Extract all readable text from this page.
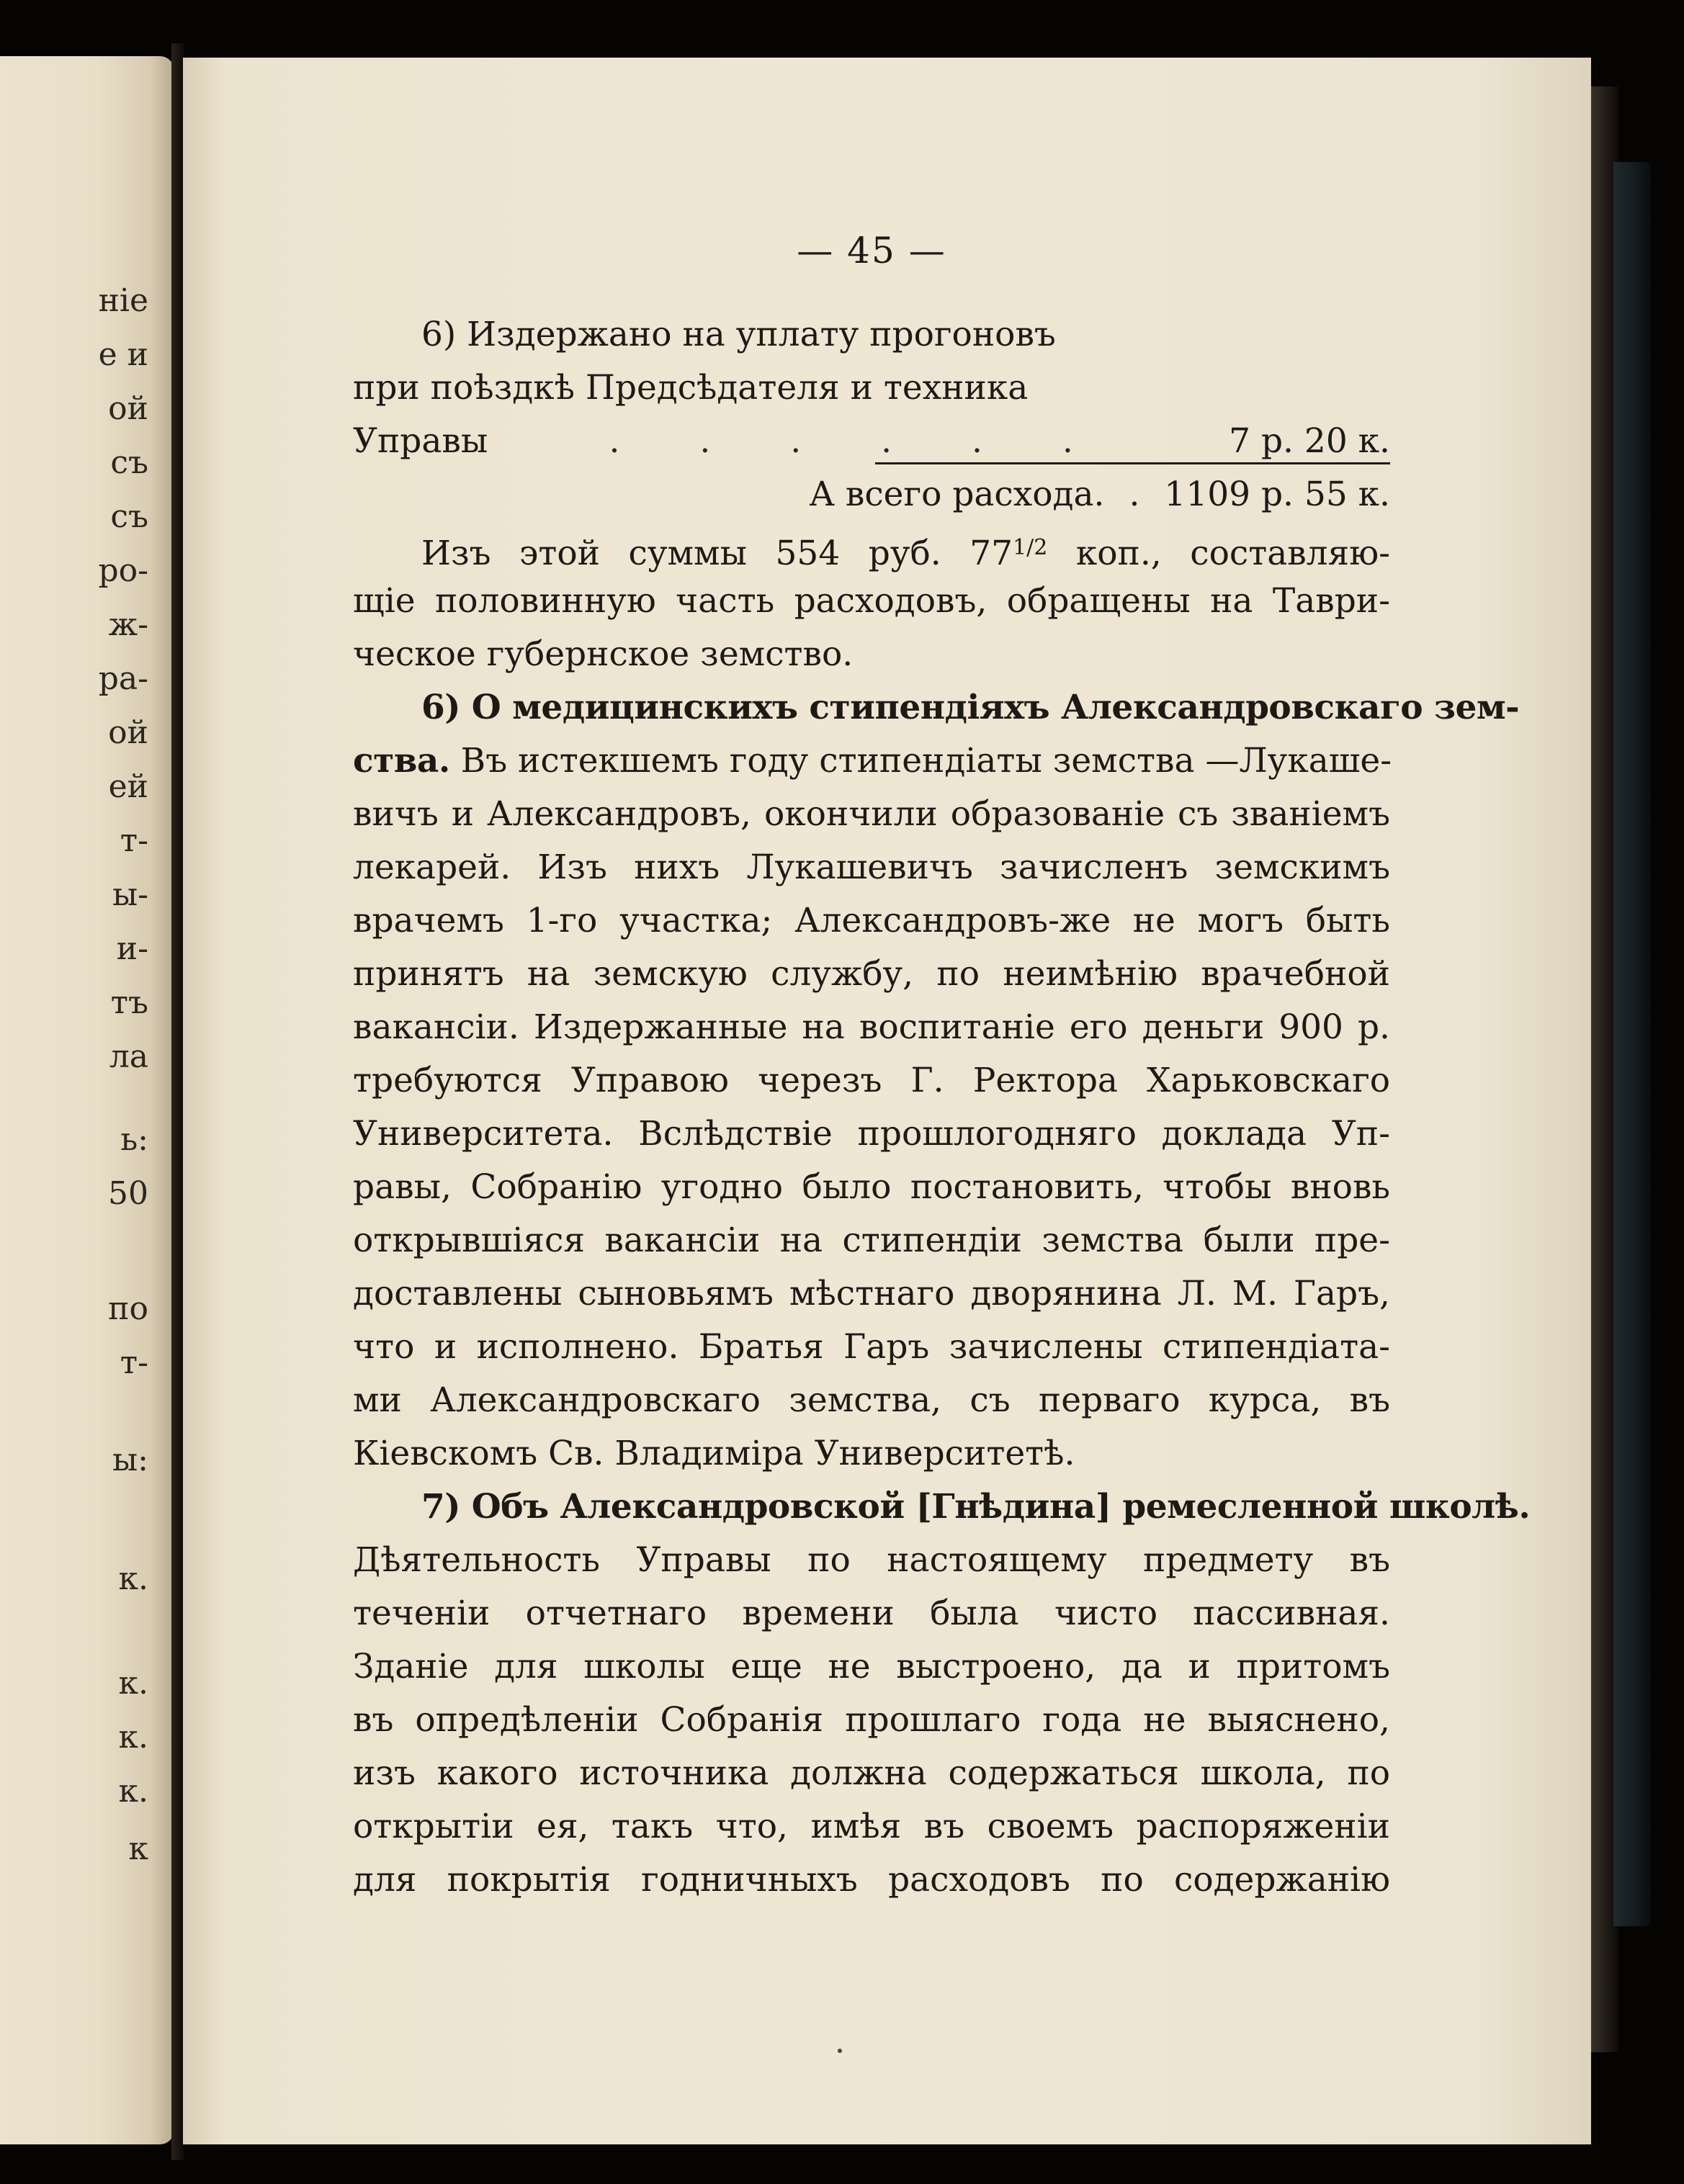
ніе
е и
ой
съ
съ
ро-
ж-
ра-
ой
ей
т-
ы-
и-
тъ
ла
ь:
50
по
т-
ы:
к.
к.
к.
к.
к
— 45 —
6) Издержано на уплату прогоновъ
при поѣздкѣ Предсѣдателя и техника
Управы	. . . . . .	7 р. 20 к.
А всего расхода. . 1109 р. 55 к.
Изъ этой суммы 554 руб. $77^{1/2}$ коп., составляю-
щіе половинную часть расходовъ, обращены на Таври-
ческое губернское земство.
6) О медицинскихъ стипендіяхъ Александровскаго зем-
ства. Въ истекшемъ году стипендіаты земства —Лукаше-
вичъ и Александровъ, окончили образованіе съ званіемъ
лекарей. Изъ нихъ Лукашевичъ зачисленъ земскимъ
врачемъ 1-го участка; Александровъ-же не могъ быть
принятъ на земскую службу, по неимѣнію врачебной
вакансіи. Издержанные на воспитаніе его деньги 900 р.
требуются Управою черезъ Г. Ректора Харьковскаго
Университета. Вслѣдствіе прошлогодняго доклада Уп-
равы, Собранію угодно было постановить, чтобы вновь
открывшіяся вакансіи на стипендіи земства были пре-
доставлены сыновьямъ мѣстнаго дворянина Л. М. Гаръ,
что и исполнено. Братья Гаръ зачислены стипендіата-
ми Александровскаго земства, съ перваго курса, въ
Кіевскомъ Св. Владиміра Университетѣ.
7) Объ Александровской [Гнѣдина] ремесленной школѣ.
Дѣятельность Управы по настоящему предмету въ
теченіи отчетнаго времени была чисто пассивная.
Зданіе для школы еще не выстроено, да и притомъ
въ опредѣленіи Собранія прошлаго года не выяснено,
изъ какого источника должна содержаться школа, по
открытіи ея, такъ что, имѣя въ своемъ распоряженіи
для покрытія годничныхъ расходовъ по содержанію
